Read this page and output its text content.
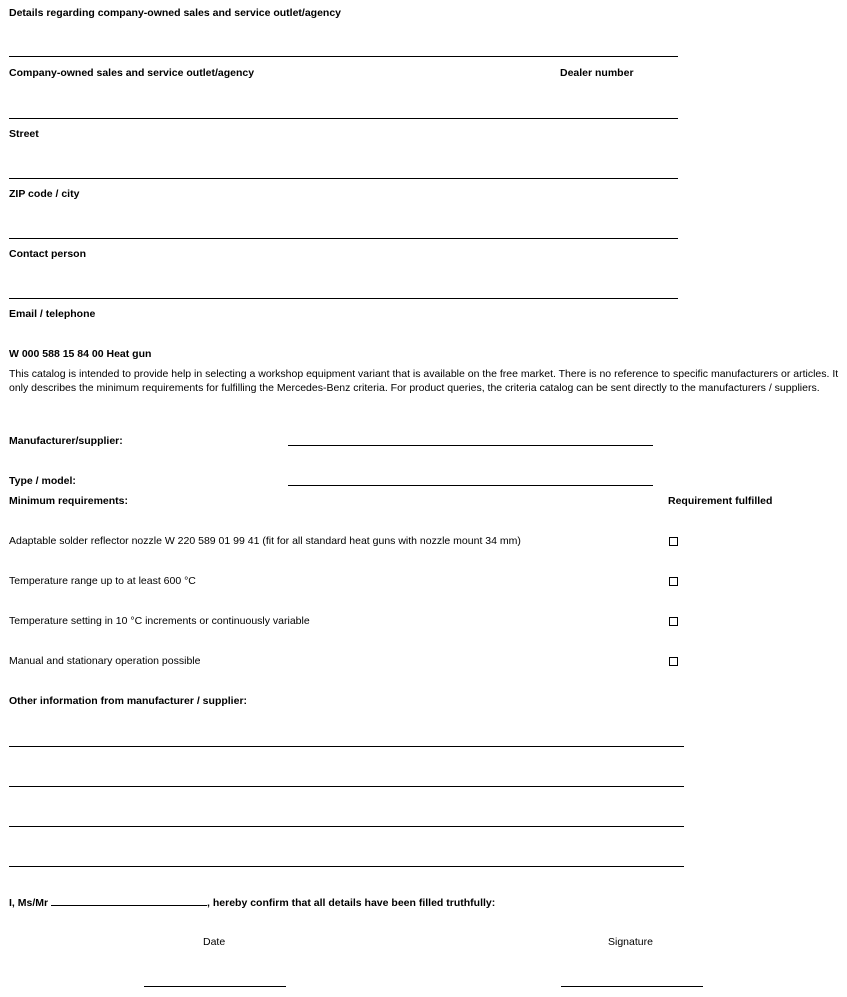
Details regarding company-owned sales and service outlet/agency
Company-owned sales and service outlet/agency	Dealer number
Street
ZIP code / city
Contact person
Email / telephone
W 000 588 15 84 00 Heat gun
This catalog is intended to provide help in selecting a workshop equipment variant that is available on the free market. There is no reference to specific manufacturers or articles. It only describes the minimum requirements for fulfilling the Mercedes-Benz criteria. For product queries, the criteria catalog can be sent directly to the manufacturers / suppliers.
Manufacturer/supplier:
Type / model:
Minimum requirements:	Requirement fulfilled
Adaptable solder reflector nozzle W 220 589 01 99 41 (fit for all standard heat guns with nozzle mount 34 mm)
Temperature range up to at least 600 °C
Temperature setting in 10 °C increments or continuously variable
Manual and stationary operation possible
Other information from manufacturer / supplier:
I, Ms/Mr	, hereby confirm that all details have been filled truthfully:
Date	Signature
